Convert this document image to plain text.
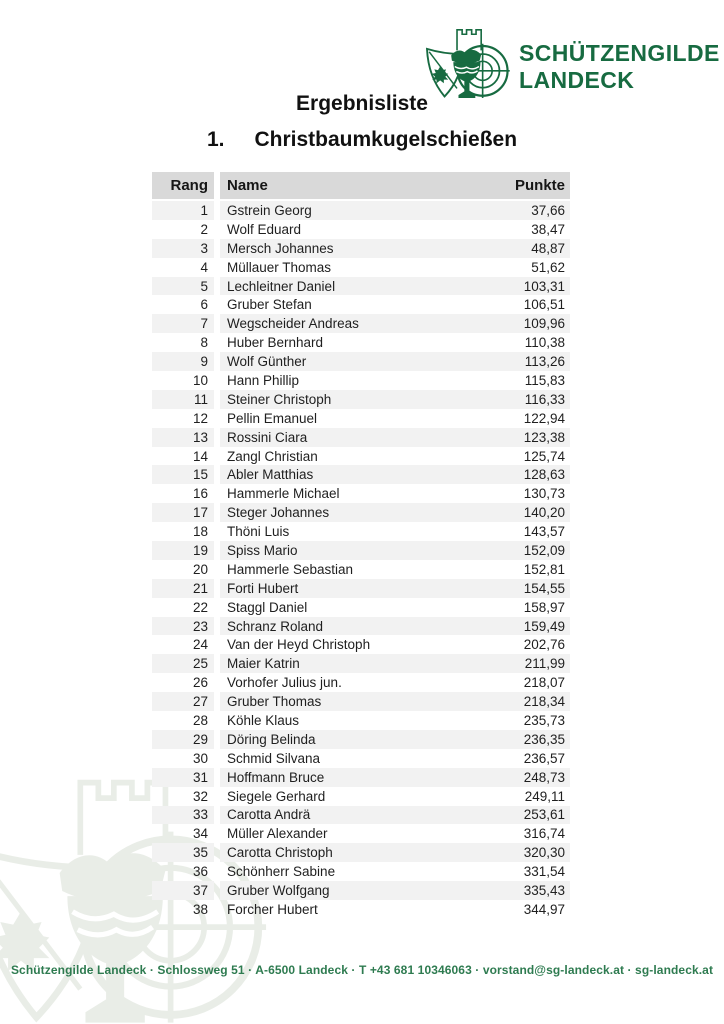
SCHÜTZENGILDE
LANDECK
Ergebnisliste
1. Christbaumkugelschießen
Rang	Name	Punkte
1	Gstrein Georg	37,66
2	Wolf Eduard	38,47
3	Mersch Johannes	48,87
4	Müllauer Thomas	51,62
5	Lechleitner Daniel	103,31
6	Gruber Stefan	106,51
7	Wegscheider Andreas	109,96
8	Huber Bernhard	110,38
9	Wolf Günther	113,26
10	Hann Phillip	115,83
11	Steiner Christoph	116,33
12	Pellin Emanuel	122,94
13	Rossini Ciara	123,38
14	Zangl Christian	125,74
15	Abler Matthias	128,63
16	Hammerle Michael	130,73
17	Steger Johannes	140,20
18	Thöni Luis	143,57
19	Spiss Mario	152,09
20	Hammerle Sebastian	152,81
21	Forti Hubert	154,55
22	Staggl Daniel	158,97
23	Schranz Roland	159,49
24	Van der Heyd Christoph	202,76
25	Maier Katrin	211,99
26	Vorhofer Julius jun.	218,07
27	Gruber Thomas	218,34
28	Köhle Klaus	235,73
29	Döring Belinda	236,35
30	Schmid Silvana	236,57
31	Hoffmann Bruce	248,73
32	Siegele Gerhard	249,11
33	Carotta Andrä	253,61
34	Müller Alexander	316,74
35	Carotta Christoph	320,30
36	Schönherr Sabine	331,54
37	Gruber Wolfgang	335,43
38	Forcher Hubert	344,97
Schützengilde Landeck · Schlossweg 51 · A-6500 Landeck · T +43 681 10346063 · vorstand@sg-landeck.at · sg-landeck.at
